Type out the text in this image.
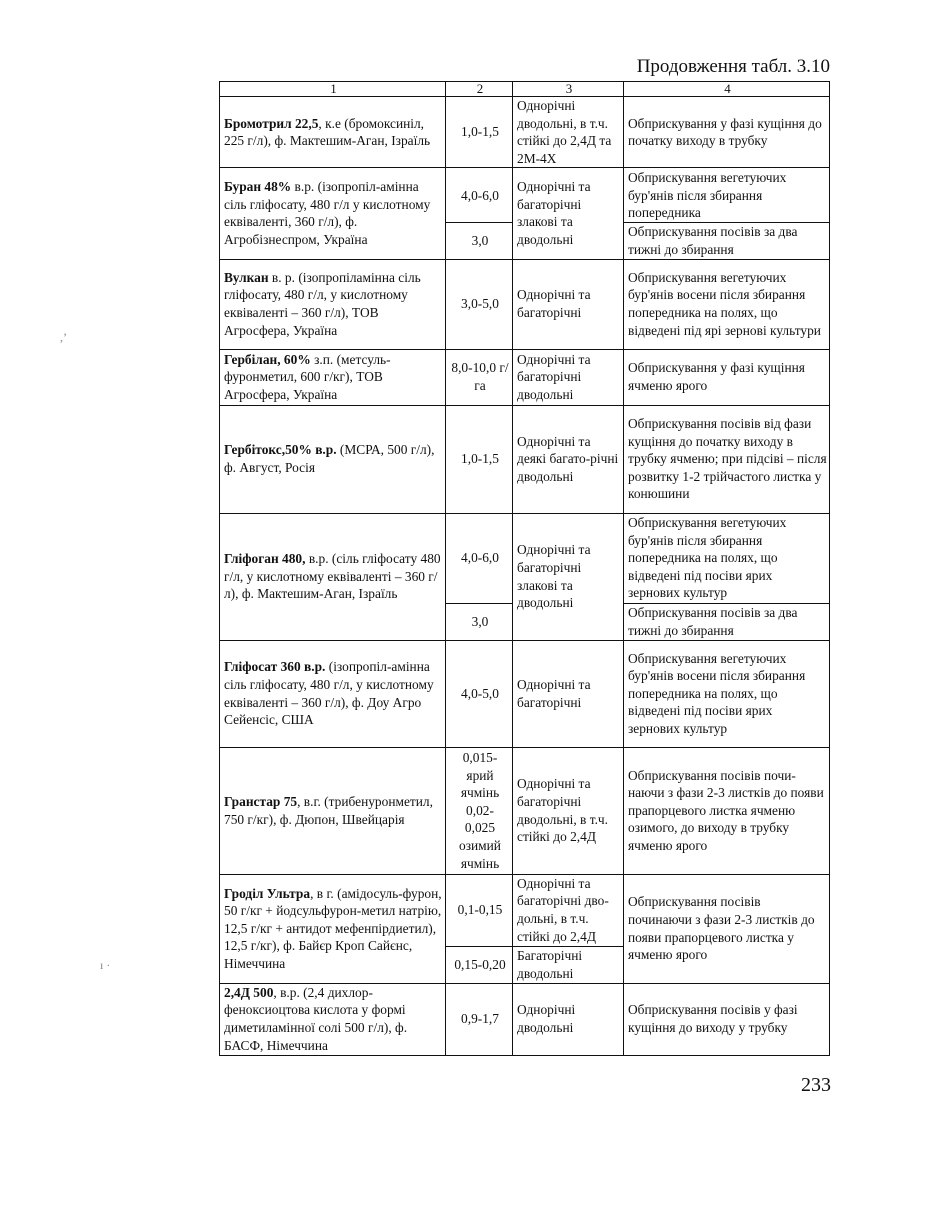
Продовження табл. 3.10
,’
ı ·
1	2	3	4
Бромотрил 22,5, к.е (бромоксиніл, 225 г/л), ф. Мактешим-Аган, Ізраїль	1,0-1,5	Однорічні дводольні, в т.ч. стійкі до 2,4Д та 2М-4Х	Обприскування у фазі кущіння до початку виходу в трубку
Буран 48% в.р. (ізопропіл-амінна сіль гліфосату, 480 г/л у кислотному еквіваленті, 360 г/л), ф. Агробізнеспром, Україна	4,0-6,0	Однорічні та багаторічні злакові та дводольні	Обприскування вегетуючих бур'янів після збирання попередника
	3,0		Обприскування посівів за два тижні до збирання
Вулкан в. р. (ізопропіламінна сіль гліфосату, 480 г/л, у кислотному еквіваленті – 360 г/л), ТОВ Агросфера, Україна	3,0-5,0	Однорічні та багаторічні	Обприскування вегетуючих бур'янів восени після збирання попередника на полях, що відведені під ярі зернові культури
Гербілан, 60% з.п. (метсуль-фуронметил, 600 г/кг), ТОВ Агросфера, Україна	8,0-10,0 г/га	Однорічні та багаторічні дводольні	Обприскування у фазі кущіння ячменю ярого
Гербітокс,50% в.р. (МСРА, 500 г/л), ф. Август, Росія	1,0-1,5	Однорічні та деякі багато-річні дводольні	Обприскування посівів від фази кущіння до початку виходу в трубку ячменю; при підсіві – після розвитку 1-2 трійчастого листка у конюшини
Гліфоган 480, в.р. (сіль гліфосату 480 г/л, у кислотному еквіваленті – 360 г/л), ф. Мактешим-Аган, Ізраїль	4,0-6,0	Однорічні та багаторічні злакові та дводольні	Обприскування вегетуючих бур'янів після збирання попередника на полях, що відведені під посіви ярих зернових культур
	3,0		Обприскування посівів за два тижні до збирання
Гліфосат 360 в.р. (ізопропіл-амінна сіль гліфосату, 480 г/л, у кислотному еквіваленті – 360 г/л), ф. Доу Агро Сейенсіс, США	4,0-5,0	Однорічні та багаторічні	Обприскування вегетуючих бур'янів восени після збирання попередника на полях, що відведені під посіви ярих зернових культур
Гранстар 75, в.г. (трибенуронметил, 750 г/кг), ф. Дюпон, Швейцарія	0,015- ярий ячмінь 0,02- 0,025 озимий ячмінь	Однорічні та багаторічні дводольні, в т.ч. стійкі до 2,4Д	Обприскування посівів почи-наючи з фази 2-3 листків до появи прапорцевого листка ячменю озимого, до виходу в трубку ячменю ярого
Гроділ Ультра, в г. (амідосуль-фурон, 50 г/кг + йодсульфурон-метил натрію, 12,5 г/кг + антидот мефенпірдиетил), 12,5 г/кг), ф. Байєр Кроп Сайєнс, Німеччина	0,1-0,15	Однорічні та багаторічні дво-дольні, в т.ч. стійкі до 2,4Д	Обприскування посівів починаючи з фази 2-3 листків до появи прапорцевого листка у ячменю ярого
	0,15-0,20	Багаторічні дводольні	
2,4Д 500, в.р. (2,4 дихлор-феноксиоцтова кислота у формі диметиламінної солі 500 г/л), ф. БАСФ, Німеччина	0,9-1,7	Однорічні дводольні	Обприскування посівів у фазі кущіння до виходу у трубку
233
